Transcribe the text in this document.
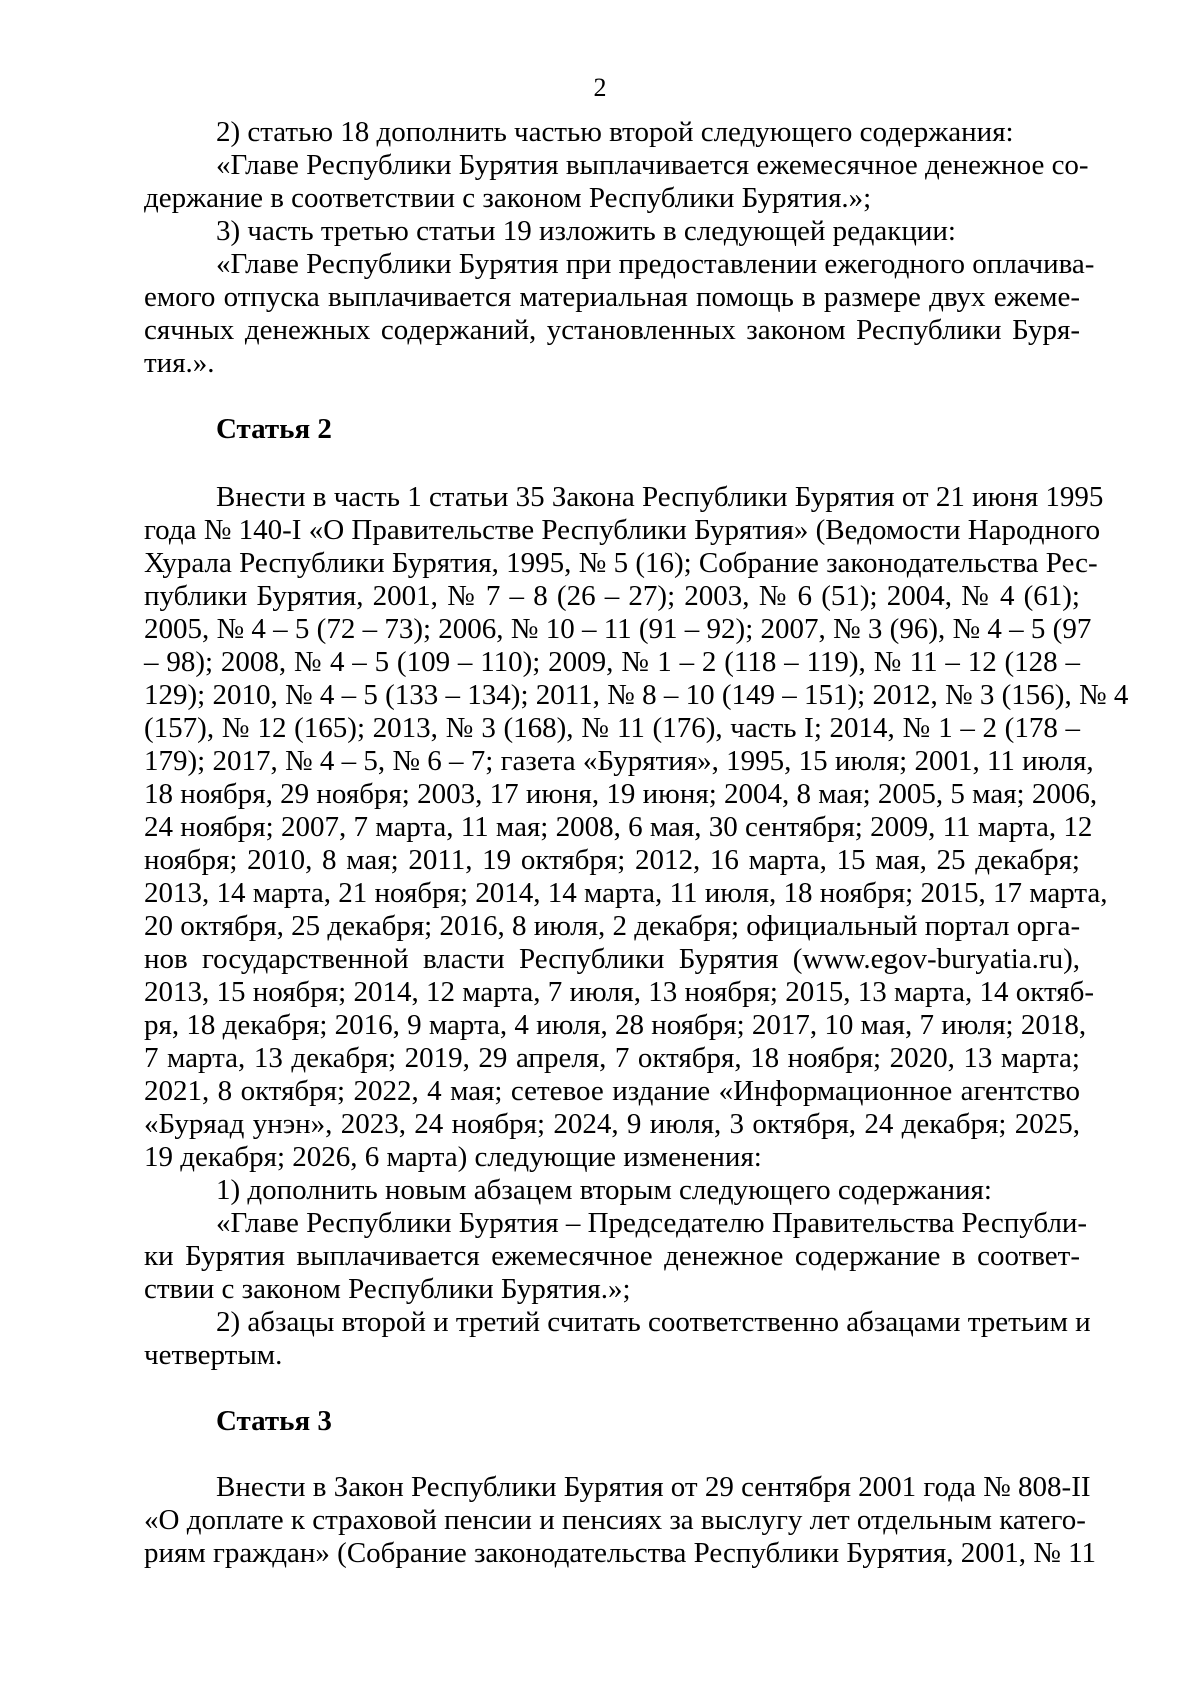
2
2) статью 18 дополнить частью второй следующего содержания:
«Главе Республики Бурятия выплачивается ежемесячное денежное со-
держание в соответствии с законом Республики Бурятия.»;
3) часть третью статьи 19 изложить в следующей редакции:
«Главе Республики Бурятия при предоставлении ежегодного оплачива-
емого отпуска выплачивается материальная помощь в размере двух ежеме-
сячных денежных содержаний, установленных законом Республики Буря-
тия.».
Статья 2
Внести в часть 1 статьи 35 Закона Республики Бурятия от 21 июня 1995
года № 140-I «О Правительстве Республики Бурятия» (Ведомости Народного
Хурала Республики Бурятия, 1995, № 5 (16); Собрание законодательства Рес-
публики Бурятия, 2001, № 7 – 8 (26 – 27); 2003, № 6 (51); 2004, № 4 (61);
2005, № 4 – 5 (72 – 73); 2006, № 10 – 11 (91 – 92); 2007, № 3 (96), № 4 – 5 (97
– 98); 2008, № 4 – 5 (109 – 110); 2009, № 1 – 2 (118 – 119), № 11 – 12 (128 –
129); 2010, № 4 – 5 (133 – 134); 2011, № 8 – 10 (149 – 151); 2012, № 3 (156), № 4
(157), № 12 (165); 2013, № 3 (168), № 11 (176), часть I; 2014, № 1 – 2 (178 –
179); 2017, № 4 – 5, № 6 – 7; газета «Бурятия», 1995, 15 июля; 2001, 11 июля,
18 ноября, 29 ноября; 2003, 17 июня, 19 июня; 2004, 8 мая; 2005, 5 мая; 2006,
24 ноября; 2007, 7 марта, 11 мая; 2008, 6 мая, 30 сентября; 2009, 11 марта, 12
ноября; 2010, 8 мая; 2011, 19 октября; 2012, 16 марта, 15 мая, 25 декабря;
2013, 14 марта, 21 ноября; 2014, 14 марта, 11 июля, 18 ноября; 2015, 17 марта,
20 октября, 25 декабря; 2016, 8 июля, 2 декабря; официальный портал орга-
нов государственной власти Республики Бурятия (www.egov-buryatia.ru),
2013, 15 ноября; 2014, 12 марта, 7 июля, 13 ноября; 2015, 13 марта, 14 октяб-
ря, 18 декабря; 2016, 9 марта, 4 июля, 28 ноября; 2017, 10 мая, 7 июля; 2018,
7 марта, 13 декабря; 2019, 29 апреля, 7 октября, 18 ноября; 2020, 13 марта;
2021, 8 октября; 2022, 4 мая; сетевое издание «Информационное агентство
«Буряад унэн», 2023, 24 ноября; 2024, 9 июля, 3 октября, 24 декабря; 2025,
19 декабря; 2026, 6 марта) следующие изменения:
1) дополнить новым абзацем вторым следующего содержания:
«Главе Республики Бурятия – Председателю Правительства Республи-
ки Бурятия выплачивается ежемесячное денежное содержание в соответ-
ствии с законом Республики Бурятия.»;
2) абзацы второй и третий считать соответственно абзацами третьим и
четвертым.
Статья 3
Внести в Закон Республики Бурятия от 29 сентября 2001 года № 808-II
«О доплате к страховой пенсии и пенсиях за выслугу лет отдельным катего-
риям граждан» (Собрание законодательства Республики Бурятия, 2001, № 11
